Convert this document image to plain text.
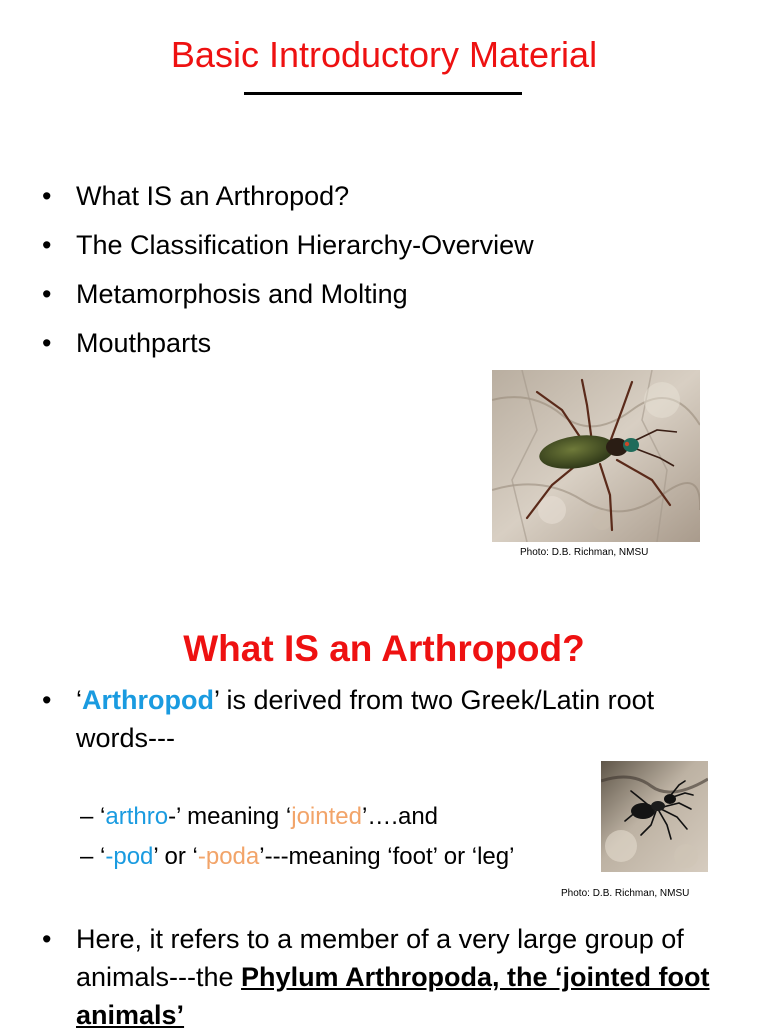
Basic Introductory Material
• What IS an Arthropod?
• The Classification Hierarchy-Overview
• Metamorphosis and Molting
• Mouthparts
Photo: D.B. Richman, NMSU
What IS an Arthropod?
• ‘Arthropod’ is derived from two Greek/Latin root words---
– ‘arthro-’ meaning ‘jointed’….and
– ‘-pod’ or ‘-poda’---meaning ‘foot’ or ‘leg’
Photo: D.B. Richman, NMSU
• Here, it refers to a member of a very large group of animals---the Phylum Arthropoda, the ‘jointed foot animals’
